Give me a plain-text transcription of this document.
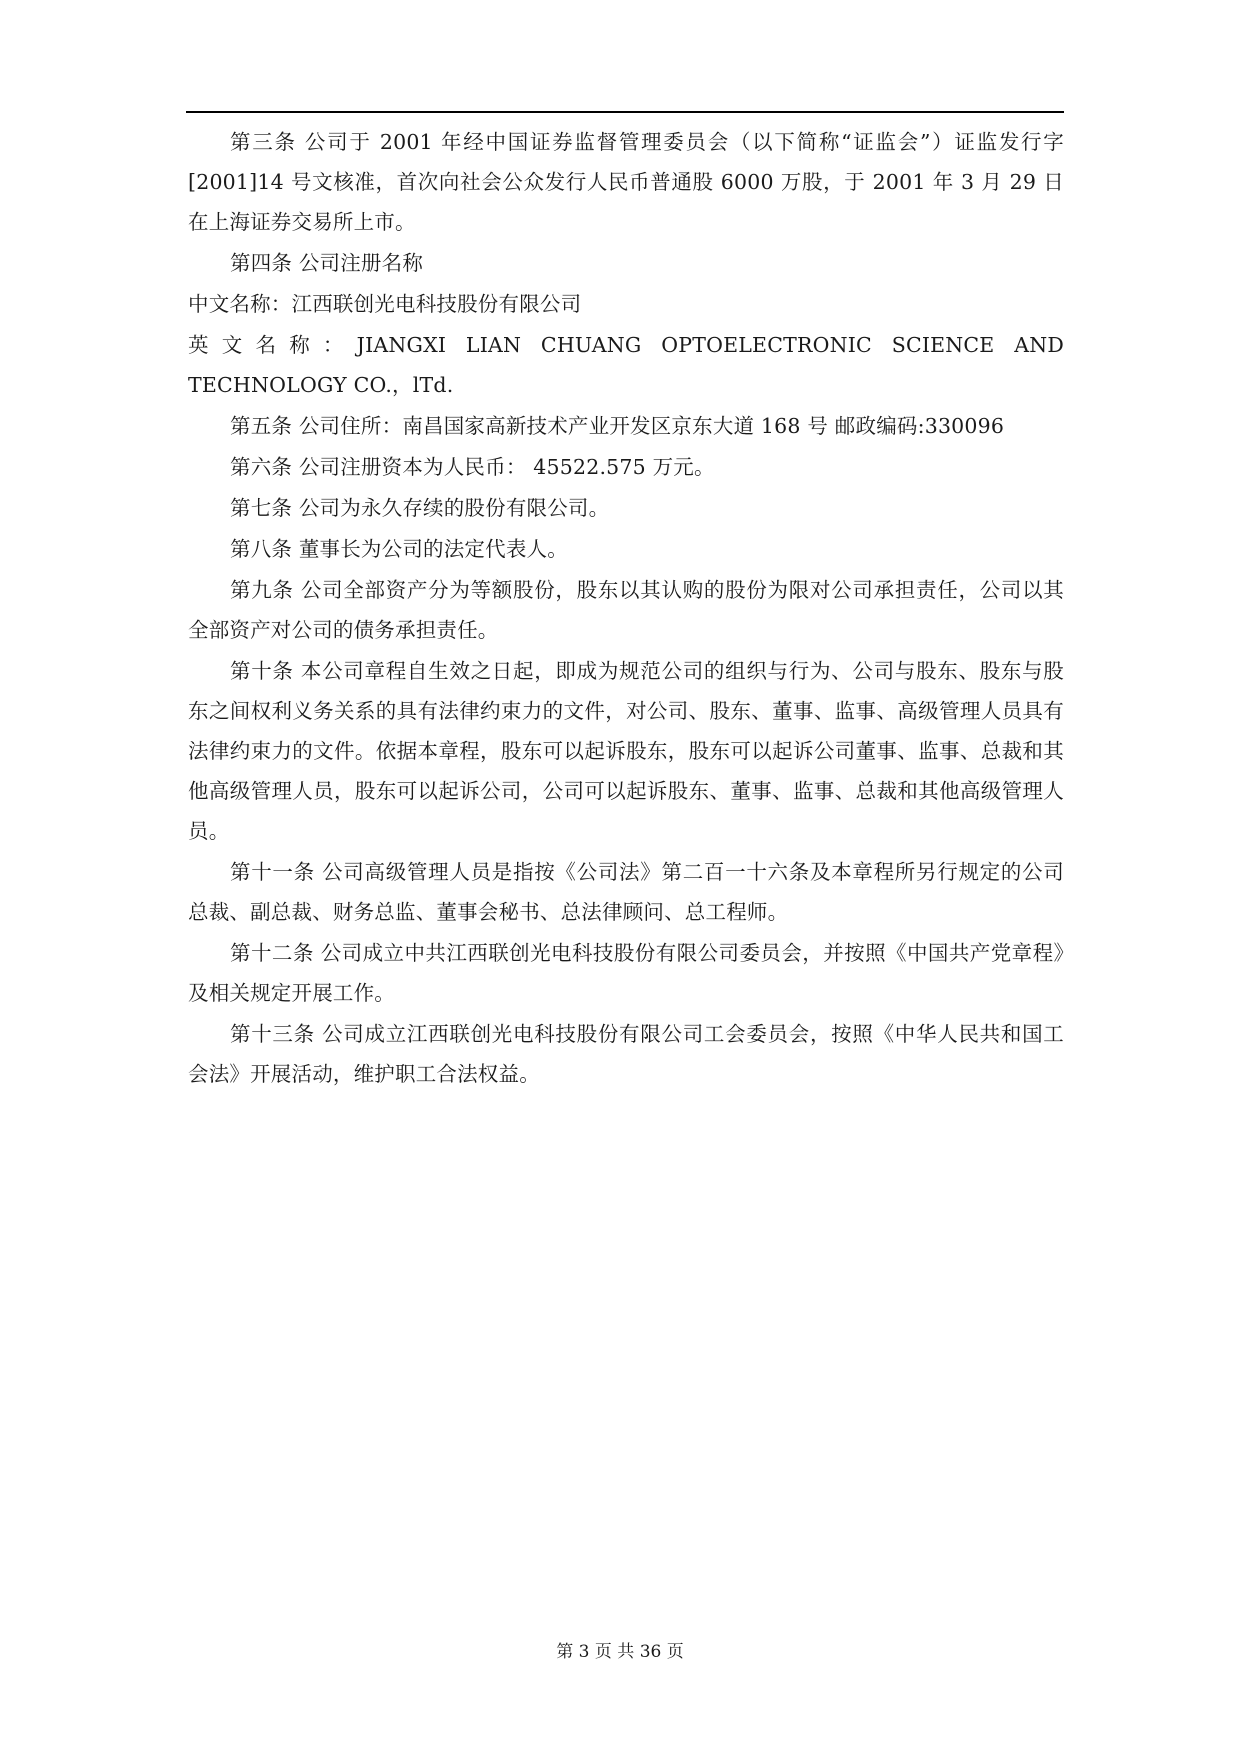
第三条 公司于 2001 年经中国证券监督管理委员会（以下简称“证监会”）证监发行字 [2001]14 号文核准，首次向社会公众发行人民币普通股 6000 万股，于 2001 年 3 月 29 日在上海证券交易所上市。

第四条 公司注册名称

中文名称：江西联创光电科技股份有限公司

英文名称：JIANGXI LIAN CHUANG OPTOELECTRONIC SCIENCE AND TECHNOLOGY CO.，lTd.

第五条 公司住所：南昌国家高新技术产业开发区京东大道 168 号 邮政编码:330096

第六条 公司注册资本为人民币： 45522.575 万元。

第七条 公司为永久存续的股份有限公司。

第八条 董事长为公司的法定代表人。

第九条 公司全部资产分为等额股份，股东以其认购的股份为限对公司承担责任，公司以其全部资产对公司的债务承担责任。

第十条 本公司章程自生效之日起，即成为规范公司的组织与行为、公司与股东、股东与股东之间权利义务关系的具有法律约束力的文件，对公司、股东、董事、监事、高级管理人员具有法律约束力的文件。依据本章程，股东可以起诉股东，股东可以起诉公司董事、监事、总裁和其他高级管理人员，股东可以起诉公司，公司可以起诉股东、董事、监事、总裁和其他高级管理人员。

第十一条 公司高级管理人员是指按《公司法》第二百一十六条及本章程所另行规定的公司总裁、副总裁、财务总监、董事会秘书、总法律顾问、总工程师。

第十二条 公司成立中共江西联创光电科技股份有限公司委员会，并按照《中国共产党章程》及相关规定开展工作。

第十三条 公司成立江西联创光电科技股份有限公司工会委员会，按照《中华人民共和国工会法》开展活动，维护职工合法权益。

第 3 页 共 36 页
